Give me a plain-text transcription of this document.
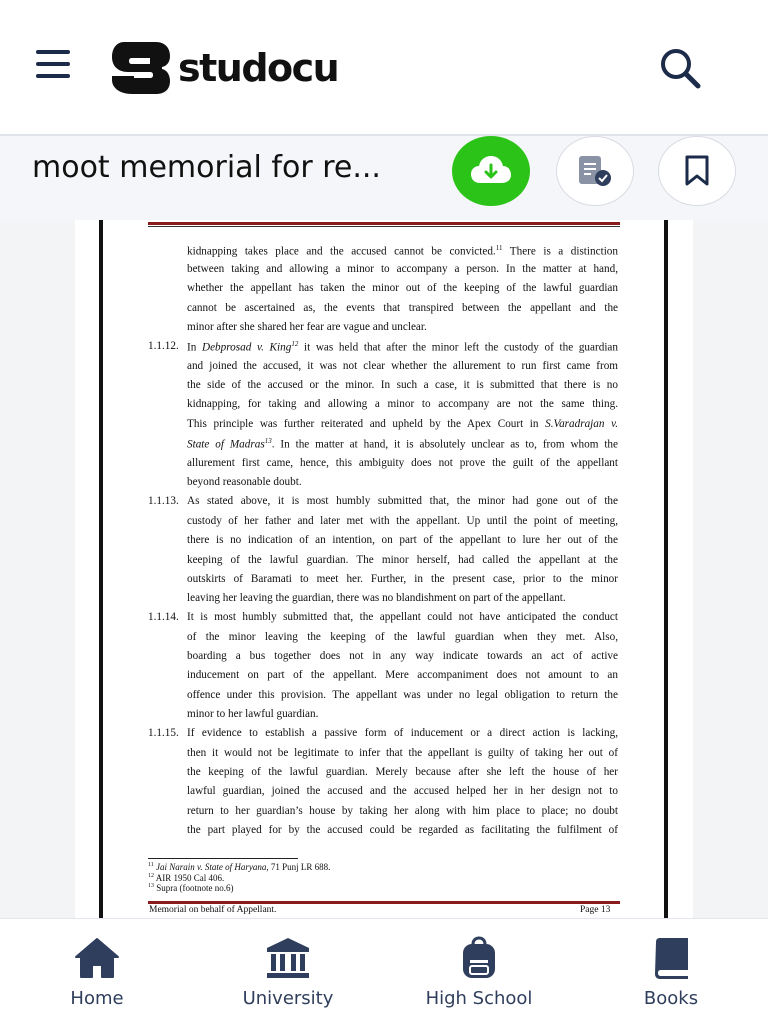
studocu
moot memorial for re...
kidnapping takes place and the accused cannot be convicted.$^{11}$ There is a distinction
between taking and allowing a minor to accompany a person. In the matter at hand,
whether the appellant has taken the minor out of the keeping of the lawful guardian
cannot be ascertained as, the events that transpired between the appellant and the
minor after she shared her fear are vague and unclear.
1.1.12. In Debprosad v. King$^{12}$ it was held that after the minor left the custody of the guardian
and joined the accused, it was not clear whether the allurement to run first came from
the side of the accused or the minor. In such a case, it is submitted that there is no
kidnapping, for taking and allowing a minor to accompany are not the same thing.
This principle was further reiterated and upheld by the Apex Court in S.Varadrajan v.
State of Madras$^{13}$. In the matter at hand, it is absolutely unclear as to, from whom the
allurement first came, hence, this ambiguity does not prove the guilt of the appellant
beyond reasonable doubt.
1.1.13. As stated above, it is most humbly submitted that, the minor had gone out of the
custody of her father and later met with the appellant. Up until the point of meeting,
there is no indication of an intention, on part of the appellant to lure her out of the
keeping of the lawful guardian. The minor herself, had called the appellant at the
outskirts of Baramati to meet her. Further, in the present case, prior to the minor
leaving her leaving the guardian, there was no blandishment on part of the appellant.
1.1.14. It is most humbly submitted that, the appellant could not have anticipated the conduct
of the minor leaving the keeping of the lawful guardian when they met. Also,
boarding a bus together does not in any way indicate towards an act of active
inducement on part of the appellant. Mere accompaniment does not amount to an
offence under this provision. The appellant was under no legal obligation to return the
minor to her lawful guardian.
1.1.15. If evidence to establish a passive form of inducement or a direct action is lacking,
then it would not be legitimate to infer that the appellant is guilty of taking her out of
the keeping of the lawful guardian. Merely because after she left the house of her
lawful guardian, joined the accused and the accused helped her in her design not to
return to her guardian’s house by taking her along with him place to place; no doubt
the part played for by the accused could be regarded as facilitating the fulfilment of
$^{11}$ Jai Narain v. State of Haryana, 71 Punj LR 688.
$^{12}$ AIR 1950 Cal 406.
$^{13}$ Supra (footnote no.6)
Memorial on behalf of Appellant.	Page 13
Home	University	High School	Books
